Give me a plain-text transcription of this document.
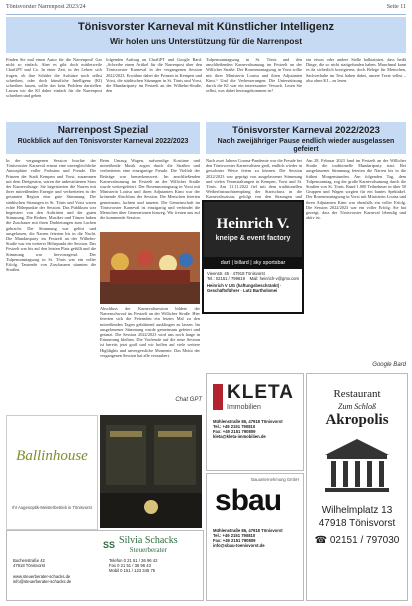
Tönisvorster Narrenpost 2023/24	Seite 11
Tönisvorster Karneval mit Künstlicher Intelligenz
Wir holen uns Unterstützung für die Narrenpost

Finden Sie mal einen Autor für die Narrenpost! Gar nicht so einfach. Aber es gibt doch mittlerweile ChatGPT und Co. In einer Zeit, in der Lehrer sich fragen, ob ihre Schüler die Aufsätze noch selbst schreiben, oder doch künstliche Intelligenz (KI) schreiben lassen, sollte das kein Problem darstellen. Lassen wir die KI daher einfach für die Narrenpost schreiben und geben

folgenden Auftrag an ChatGPT und Google Bard: „Schreibe einen Artikel für die Narrenpost über den Tönisvorster Karneval in der vergangenen Session 2022/2023. Erwähne dabei die Prinzen in Kempen und Vorst, die städtischen Sitzungen in St. Tönis und Vorst, die Mundartparty im Festzelt an der Wilhelm-Straße, den

Tulpensonntagszug in St. Tönis und den anschließenden Karnevalsumzug im Festzelt an der Willicher Straße. Der Rosenmontagszug in Vorst sollte mit ihrer Ministerin Louisa und ihren Adjutanten Kimi.“ Und die Verbesserungen: Die Unterstützung durch die KI war ein interessanter Versuch. Lesen Sie selbst, was dabei herausgekommen ist!

ein etwas oder andere Stelle halluziniert, dass heißt Dinge, die so nicht stattgefunden haben. Manchmal kann es da sicherlich korrigieren, doch Belege für Menschen, Sachverhalte im Text haben dabei, unsere Texte selbst – also ohne KI – zu lesen.

Narrenpost Spezial
Rückblick auf den Tönisvorster Karneval 2022/2023

In der vergangenen Session brachte der Tönisvorster Karneval erneut eine unvergleichliche Atmosphäre voller Frohsinn und Freude. Die Prinzen der Stadt Kempen und Vorst, zusammen mit dem Dreigestirn, waren die unbestrittenen Stars der Karnevalstage. Sie begeisterten die Narren mit ihrer mitreißenden Energie und verbreiteten in der gesamten Region eine gute Stimmung. Die städtischen Sitzungen in St. Tönis und Vorst waren echte Höhepunkte der Session. Das Publikum war begeistert von den Auftritten und der guten Stimmung. Die Redner, Musiker und Tänzer haben die Zuschauer mit ihren Darbietungen zum Lachen gebracht. Die Stimmung war gelöst und ausgelassen, die Narren feierten bis in die Nacht. Die Mundartparty im Festzelt an der Wilhelm-Straße war ein weiterer Höhepunkt der Session. Das Festzelt war bis auf den letzten Platz gefüllt und die Stimmung war hervorragend. Der Tulpensonntagszug in St. Tönis war ein voller Erfolg. Tausende von Zuschauern säumten die Straßen.

Beim Umzug Wagen, aufwendige Kostüme und mitreißende Musik zogen durch die Straßen und verbreiteten eine einzigartige Freude. Die Vielfalt der Beiträge war bemerkenswert. Im anschließenden Karnevalsumzug im Festzelt an der Willicher Straße wurde weitergefeiert. Der Rosenmontagszug in Vorst mit Ministerin Louisa und ihren Adjutanten Kimi war der krönende Abschluss der Session. Die Menschen feierten gemeinsam, lachten und tanzten. Die Gemeinschaft im Tönisvorster Karneval ist einzigartig und verbindet die Menschen über Generationen hinweg. Wir freuen uns auf die kommende Session.

Abschluss der Karnevalssession bildete der Narrenschwoof im Festzelt an der Willicher Straße. Hier feierten sich die Feiernden ein letztes Mal zu den mitreißenden Tagen gebührend ausklingen zu lassen. Im ausgelassener Stimmung wurde gemeinsam gefeiert und getanzt. Die Session 2022/2023 wird uns noch lange in Erinnerung bleiben. Die Vorfreude auf die neue Session ist bereits jetzt groß und wir hoffen auf viele weitere Highlights und unvergessliche Momente. Das Motto der vergangenen Session hat alle verzaubert.

Chat GPT
Tönisvorster Karneval 2022/2023
Nach zweijähriger Pause endlich wieder ausgelassen gefeiert

Nach zwei Jahren Corona-Pandemie war die Freude bei den Tönisvorster Karnevalisten groß, endlich wieder in gewohnter Weise feiern zu können. Die Session 2022/2023 war geprägt von ausgelassener Stimmung und vielen Veranstaltungen in Kempen, Vorst und St. Tönis. Am 11.11.2022 fiel mit dem traditionellen Weiberfastnachtsempfang der Startschuss in die Karnevalssaison, gefolgt von den Sitzungen und

Am 28. Februar 2023 fand im Festzelt an der Willicher Straße die traditionelle Mundartparty statt. Bei ausgelassener Stimmung feierten die Narren bis in die frühen Morgenstunden. Am folgenden Tag, dem Tulpensonntag, zog der große Karnevalsumzug durch die Straßen von St. Tönis. Rund 1.000 Teilnehmer in über 50 Gruppen und Wagen sorgten für ein buntes Spektakel. Der Rosenmontagszug in Vorst mit Ministerin Louisa und ihren Adjutanten Kimi war ebenfalls ein voller Erfolg. Die Session 2022/2023 war ein voller Erfolg. Sie hat gezeigt, dass der Tönisvorster Karneval lebendig und aktiv ist.

Heinrich V.
kneipe & event factory
dart | billard | sky sportsbar
Vieenstr. 45 · 47918 Tönisvorst
Tel.: 02151 / 799619 Mail: heinrich-v@gmx.com
Heinrich V UG (haftungsbeschränkt) · Geschäftsführer · Lutz Bartholomei
Google Bard
KLETA
Immobilien
Mühlenstraße 86, 47918 Tönisvorst
Tel.: +49 2151 790810
Fax: +49 2151 790809
kleta@kleta-immobilien.de
Bauunternehmung GmbH
sbau
Mühlenstraße 86, 47918 Tönisvorst
Tel.: +49 2151 790810
Fax: +49 2151 790809
info@sbau-toenisvorst.de
Restaurant
Zum Schloß
Akropolis
Wilhelmplatz 13
47918 Tönisvorst
☎ 02151 / 797030
Ballinhouse
Ihr Augenoptik-Meisterbetrieb in Tönisvorst
SS Silvia Schacks
Steuerberater
Buchenstraße 42
47918 Tönisvorst
www.steuerberater-schacks.de
info@steuerberater-schacks.de
Telefon 0 21 51 / 36 96 42
Fax 0 21 51 / 36 96 43
Mobil 0 151 / 123 345 75
